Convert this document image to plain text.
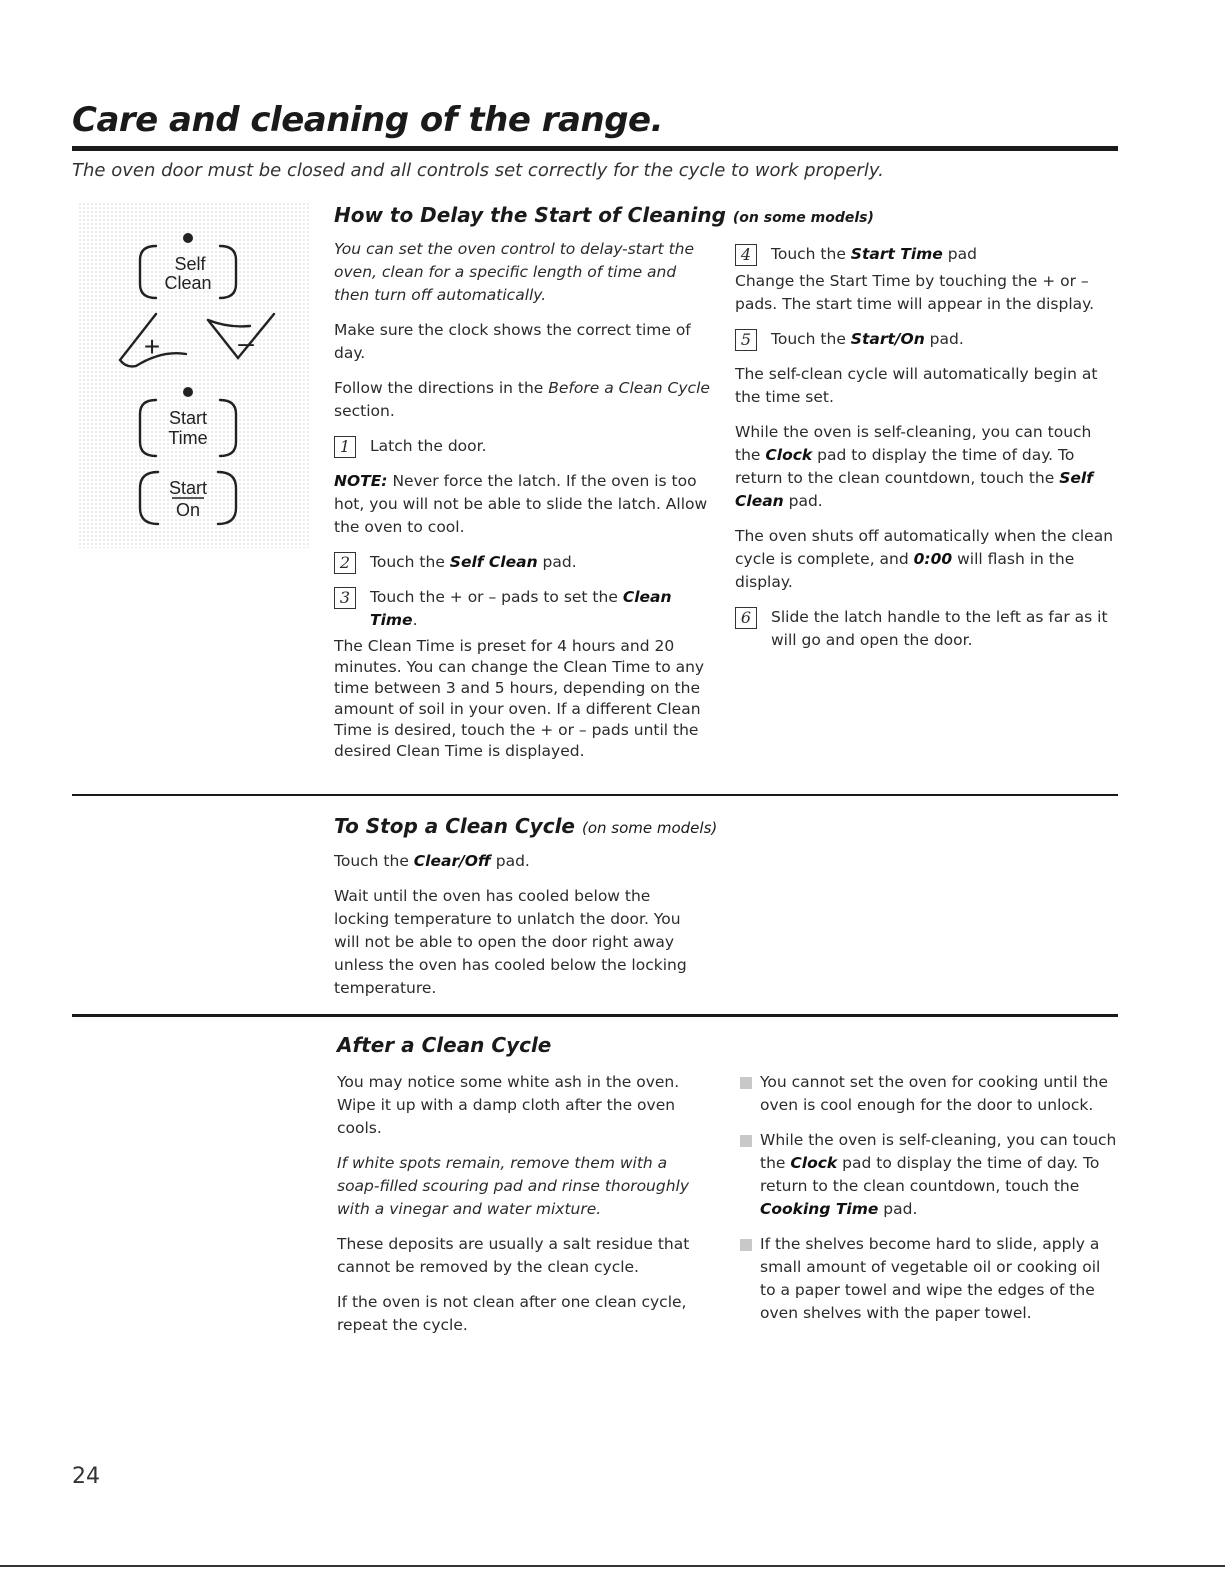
Care and cleaning of the range.
The oven door must be closed and all controls set correctly for the cycle to work properly.
Self
Clean
+	–
Start
Time
Start
On
How to Delay the Start of Cleaning (on some models)

You can set the oven control to delay-start the oven, clean for a specific length of time and then turn off automatically.

Make sure the clock shows the correct time of day.

Follow the directions in the Before a Clean Cycle section.

1	Latch the door.

NOTE: Never force the latch. If the oven is too hot, you will not be able to slide the latch. Allow the oven to cool.

2	Touch the Self Clean pad.
3	Touch the + or – pads to set the Clean Time.

The Clean Time is preset for 4 hours and 20 minutes. You can change the Clean Time to any time between 3 and 5 hours, depending on the amount of soil in your oven. If a different Clean Time is desired, touch the + or – pads until the desired Clean Time is displayed.

4	Touch the Start Time pad

Change the Start Time by touching the + or – pads. The start time will appear in the display.

5	Touch the Start/On pad.

The self-clean cycle will automatically begin at the time set.

While the oven is self-cleaning, you can touch the Clock pad to display the time of day. To return to the clean countdown, touch the Self Clean pad.

The oven shuts off automatically when the clean cycle is complete, and 0:00 will flash in the display.

6	Slide the latch handle to the left as far as it will go and open the door.
To Stop a Clean Cycle (on some models)

Touch the Clear/Off pad.

Wait until the oven has cooled below the locking temperature to unlatch the door. You will not be able to open the door right away unless the oven has cooled below the locking temperature.

After a Clean Cycle

You may notice some white ash in the oven. Wipe it up with a damp cloth after the oven cools.

If white spots remain, remove them with a soap-filled scouring pad and rinse thoroughly with a vinegar and water mixture.

These deposits are usually a salt residue that cannot be removed by the clean cycle.

If the oven is not clean after one clean cycle, repeat the cycle.

You cannot set the oven for cooking until the oven is cool enough for the door to unlock.
While the oven is self-cleaning, you can touch the Clock pad to display the time of day. To return to the clean countdown, touch the Cooking Time pad.
If the shelves become hard to slide, apply a small amount of vegetable oil or cooking oil to a paper towel and wipe the edges of the oven shelves with the paper towel.
24
